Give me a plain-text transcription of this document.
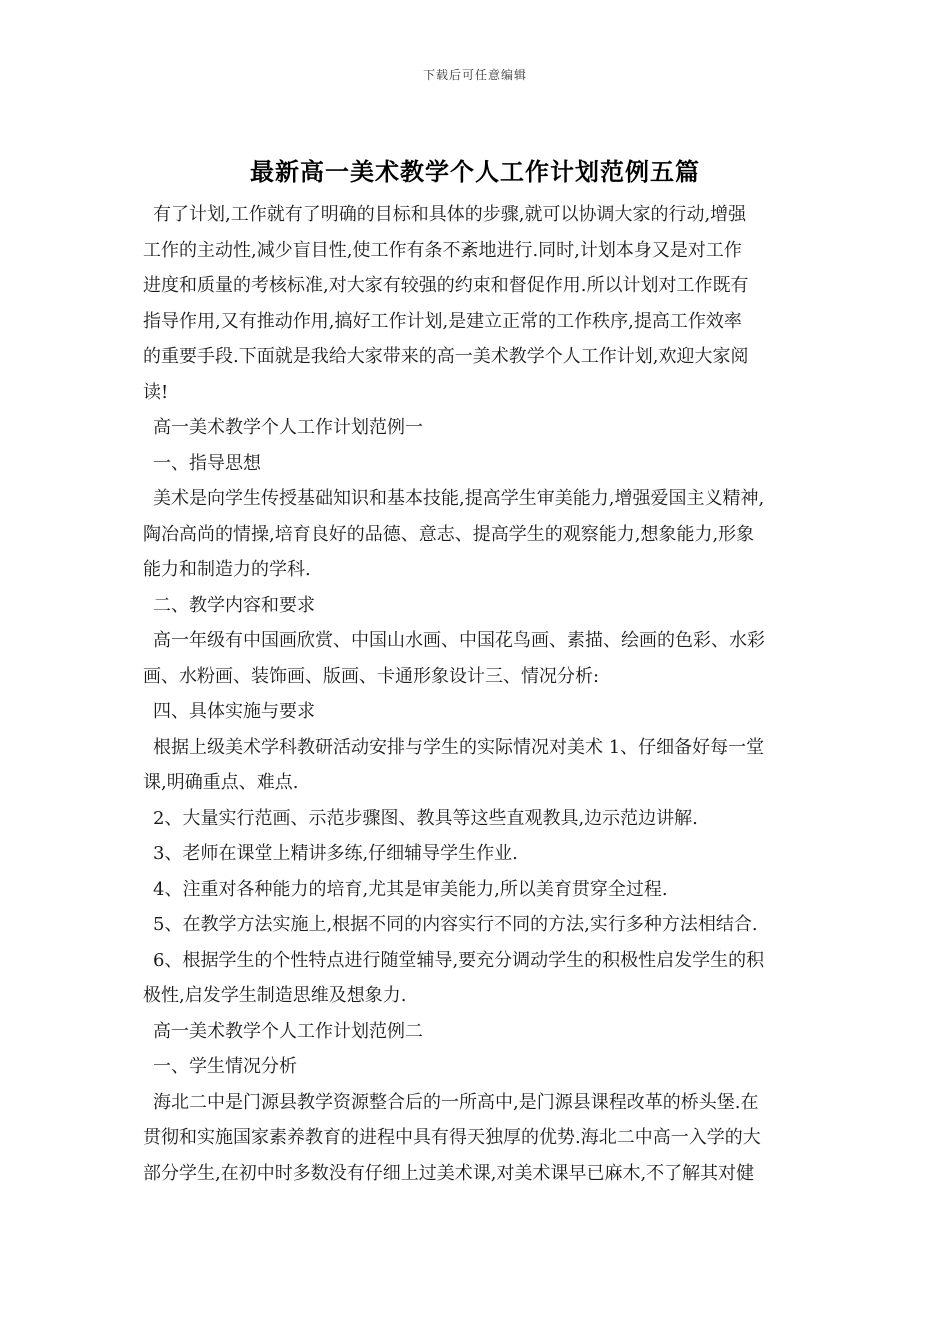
下载后可任意编辑
最新高一美术教学个人工作计划范例五篇
有了计划,工作就有了明确的目标和具体的步骤,就可以协调大家的行动,增强
工作的主动性,减少盲目性,使工作有条不紊地进行.同时,计划本身又是对工作
进度和质量的考核标准,对大家有较强的约束和督促作用.所以计划对工作既有
指导作用,又有推动作用,搞好工作计划,是建立正常的工作秩序,提高工作效率
的重要手段.下面就是我给大家带来的高一美术教学个人工作计划,欢迎大家阅
读!
高一美术教学个人工作计划范例一
一、指导思想
美术是向学生传授基础知识和基本技能,提高学生审美能力,增强爱国主义精神,
陶冶高尚的情操,培育良好的品德、意志、提高学生的观察能力,想象能力,形象
能力和制造力的学科.
二、教学内容和要求
高一年级有中国画欣赏、中国山水画、中国花鸟画、素描、绘画的色彩、水彩
画、水粉画、装饰画、版画、卡通形象设计三、情况分析:
四、具体实施与要求
根据上级美术学科教研活动安排与学生的实际情况对美术 1、仔细备好每一堂
课,明确重点、难点.
2、大量实行范画、示范步骤图、教具等这些直观教具,边示范边讲解.
3、老师在课堂上精讲多练,仔细辅导学生作业.
4、注重对各种能力的培育,尤其是审美能力,所以美育贯穿全过程.
5、在教学方法实施上,根据不同的内容实行不同的方法,实行多种方法相结合.
6、根据学生的个性特点进行随堂辅导,要充分调动学生的积极性启发学生的积
极性,启发学生制造思维及想象力.
高一美术教学个人工作计划范例二
一、学生情况分析
海北二中是门源县教学资源整合后的一所高中,是门源县课程改革的桥头堡.在
贯彻和实施国家素养教育的进程中具有得天独厚的优势.海北二中高一入学的大
部分学生,在初中时多数没有仔细上过美术课,对美术课早已麻木,不了解其对健
